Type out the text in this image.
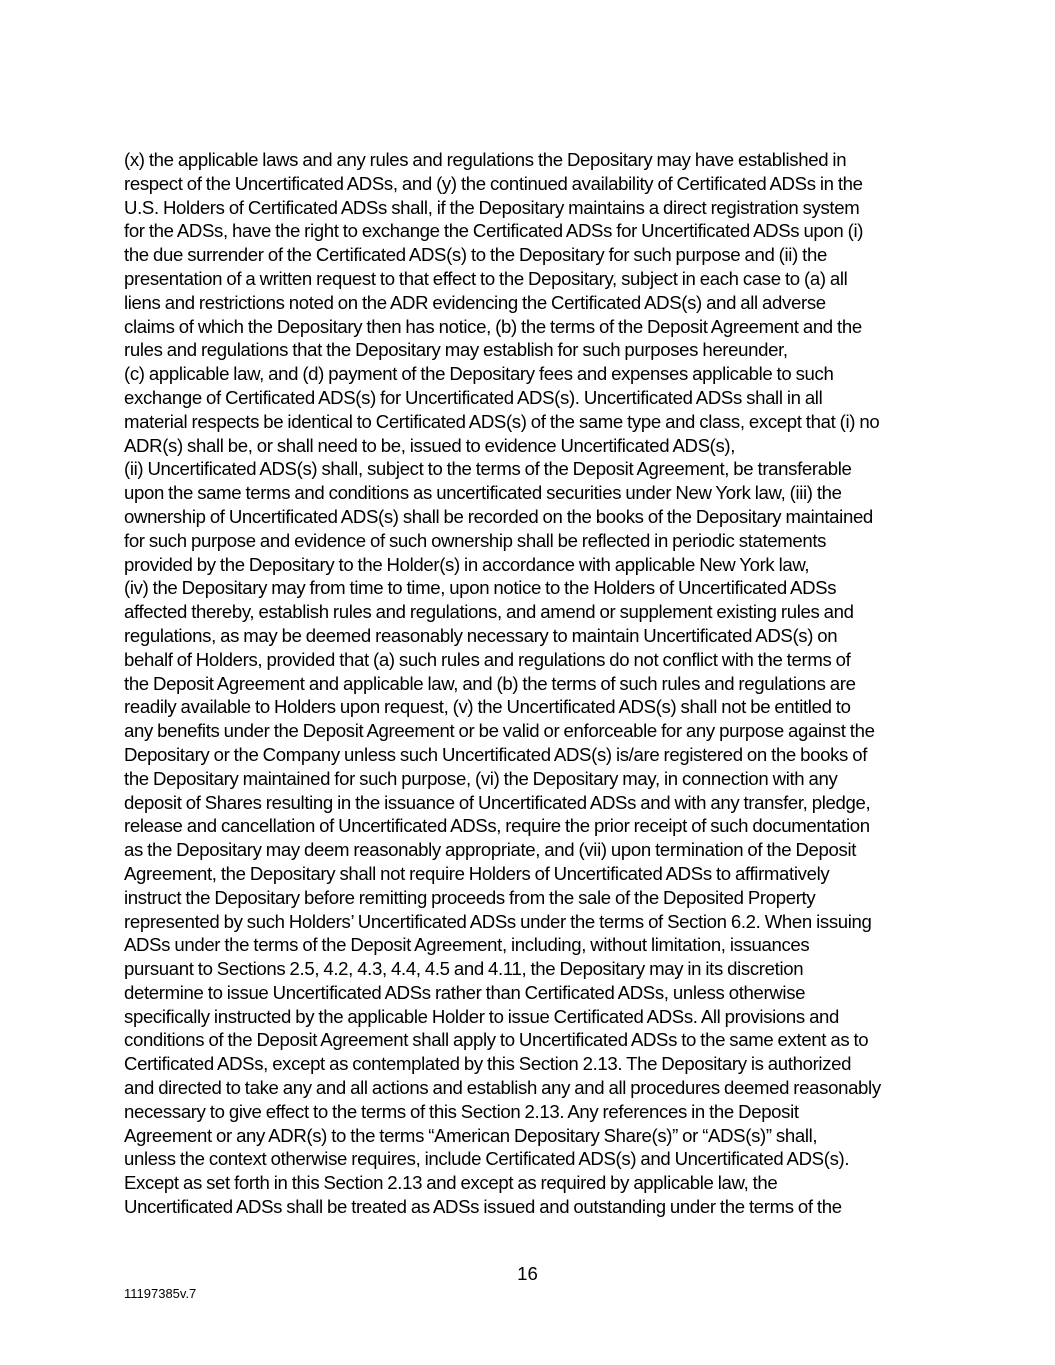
(x) the applicable laws and any rules and regulations the Depositary may have established in
respect of the Uncertificated ADSs, and (y) the continued availability of Certificated ADSs in the
U.S. Holders of Certificated ADSs shall, if the Depositary maintains a direct registration system
for the ADSs, have the right to exchange the Certificated ADSs for Uncertificated ADSs upon (i)
the due surrender of the Certificated ADS(s) to the Depositary for such purpose and (ii) the
presentation of a written request to that effect to the Depositary, subject in each case to (a) all
liens and restrictions noted on the ADR evidencing the Certificated ADS(s) and all adverse
claims of which the Depositary then has notice, (b) the terms of the Deposit Agreement and the
rules and regulations that the Depositary may establish for such purposes hereunder,
(c) applicable law, and (d) payment of the Depositary fees and expenses applicable to such
exchange of Certificated ADS(s) for Uncertificated ADS(s). Uncertificated ADSs shall in all
material respects be identical to Certificated ADS(s) of the same type and class, except that (i) no
ADR(s) shall be, or shall need to be, issued to evidence Uncertificated ADS(s),
(ii) Uncertificated ADS(s) shall, subject to the terms of the Deposit Agreement, be transferable
upon the same terms and conditions as uncertificated securities under New York law, (iii) the
ownership of Uncertificated ADS(s) shall be recorded on the books of the Depositary maintained
for such purpose and evidence of such ownership shall be reflected in periodic statements
provided by the Depositary to the Holder(s) in accordance with applicable New York law,
(iv) the Depositary may from time to time, upon notice to the Holders of Uncertificated ADSs
affected thereby, establish rules and regulations, and amend or supplement existing rules and
regulations, as may be deemed reasonably necessary to maintain Uncertificated ADS(s) on
behalf of Holders, provided that (a) such rules and regulations do not conflict with the terms of
the Deposit Agreement and applicable law, and (b) the terms of such rules and regulations are
readily available to Holders upon request, (v) the Uncertificated ADS(s) shall not be entitled to
any benefits under the Deposit Agreement or be valid or enforceable for any purpose against the
Depositary or the Company unless such Uncertificated ADS(s) is/are registered on the books of
the Depositary maintained for such purpose, (vi) the Depositary may, in connection with any
deposit of Shares resulting in the issuance of Uncertificated ADSs and with any transfer, pledge,
release and cancellation of Uncertificated ADSs, require the prior receipt of such documentation
as the Depositary may deem reasonably appropriate, and (vii) upon termination of the Deposit
Agreement, the Depositary shall not require Holders of Uncertificated ADSs to affirmatively
instruct the Depositary before remitting proceeds from the sale of the Deposited Property
represented by such Holders’ Uncertificated ADSs under the terms of Section 6.2. When issuing
ADSs under the terms of the Deposit Agreement, including, without limitation, issuances
pursuant to Sections 2.5, 4.2, 4.3, 4.4, 4.5 and 4.11, the Depositary may in its discretion
determine to issue Uncertificated ADSs rather than Certificated ADSs, unless otherwise
specifically instructed by the applicable Holder to issue Certificated ADSs. All provisions and
conditions of the Deposit Agreement shall apply to Uncertificated ADSs to the same extent as to
Certificated ADSs, except as contemplated by this Section 2.13. The Depositary is authorized
and directed to take any and all actions and establish any and all procedures deemed reasonably
necessary to give effect to the terms of this Section 2.13. Any references in the Deposit
Agreement or any ADR(s) to the terms “American Depositary Share(s)” or “ADS(s)” shall,
unless the context otherwise requires, include Certificated ADS(s) and Uncertificated ADS(s).
Except as set forth in this Section 2.13 and except as required by applicable law, the
Uncertificated ADSs shall be treated as ADSs issued and outstanding under the terms of the
16
11197385v.7
